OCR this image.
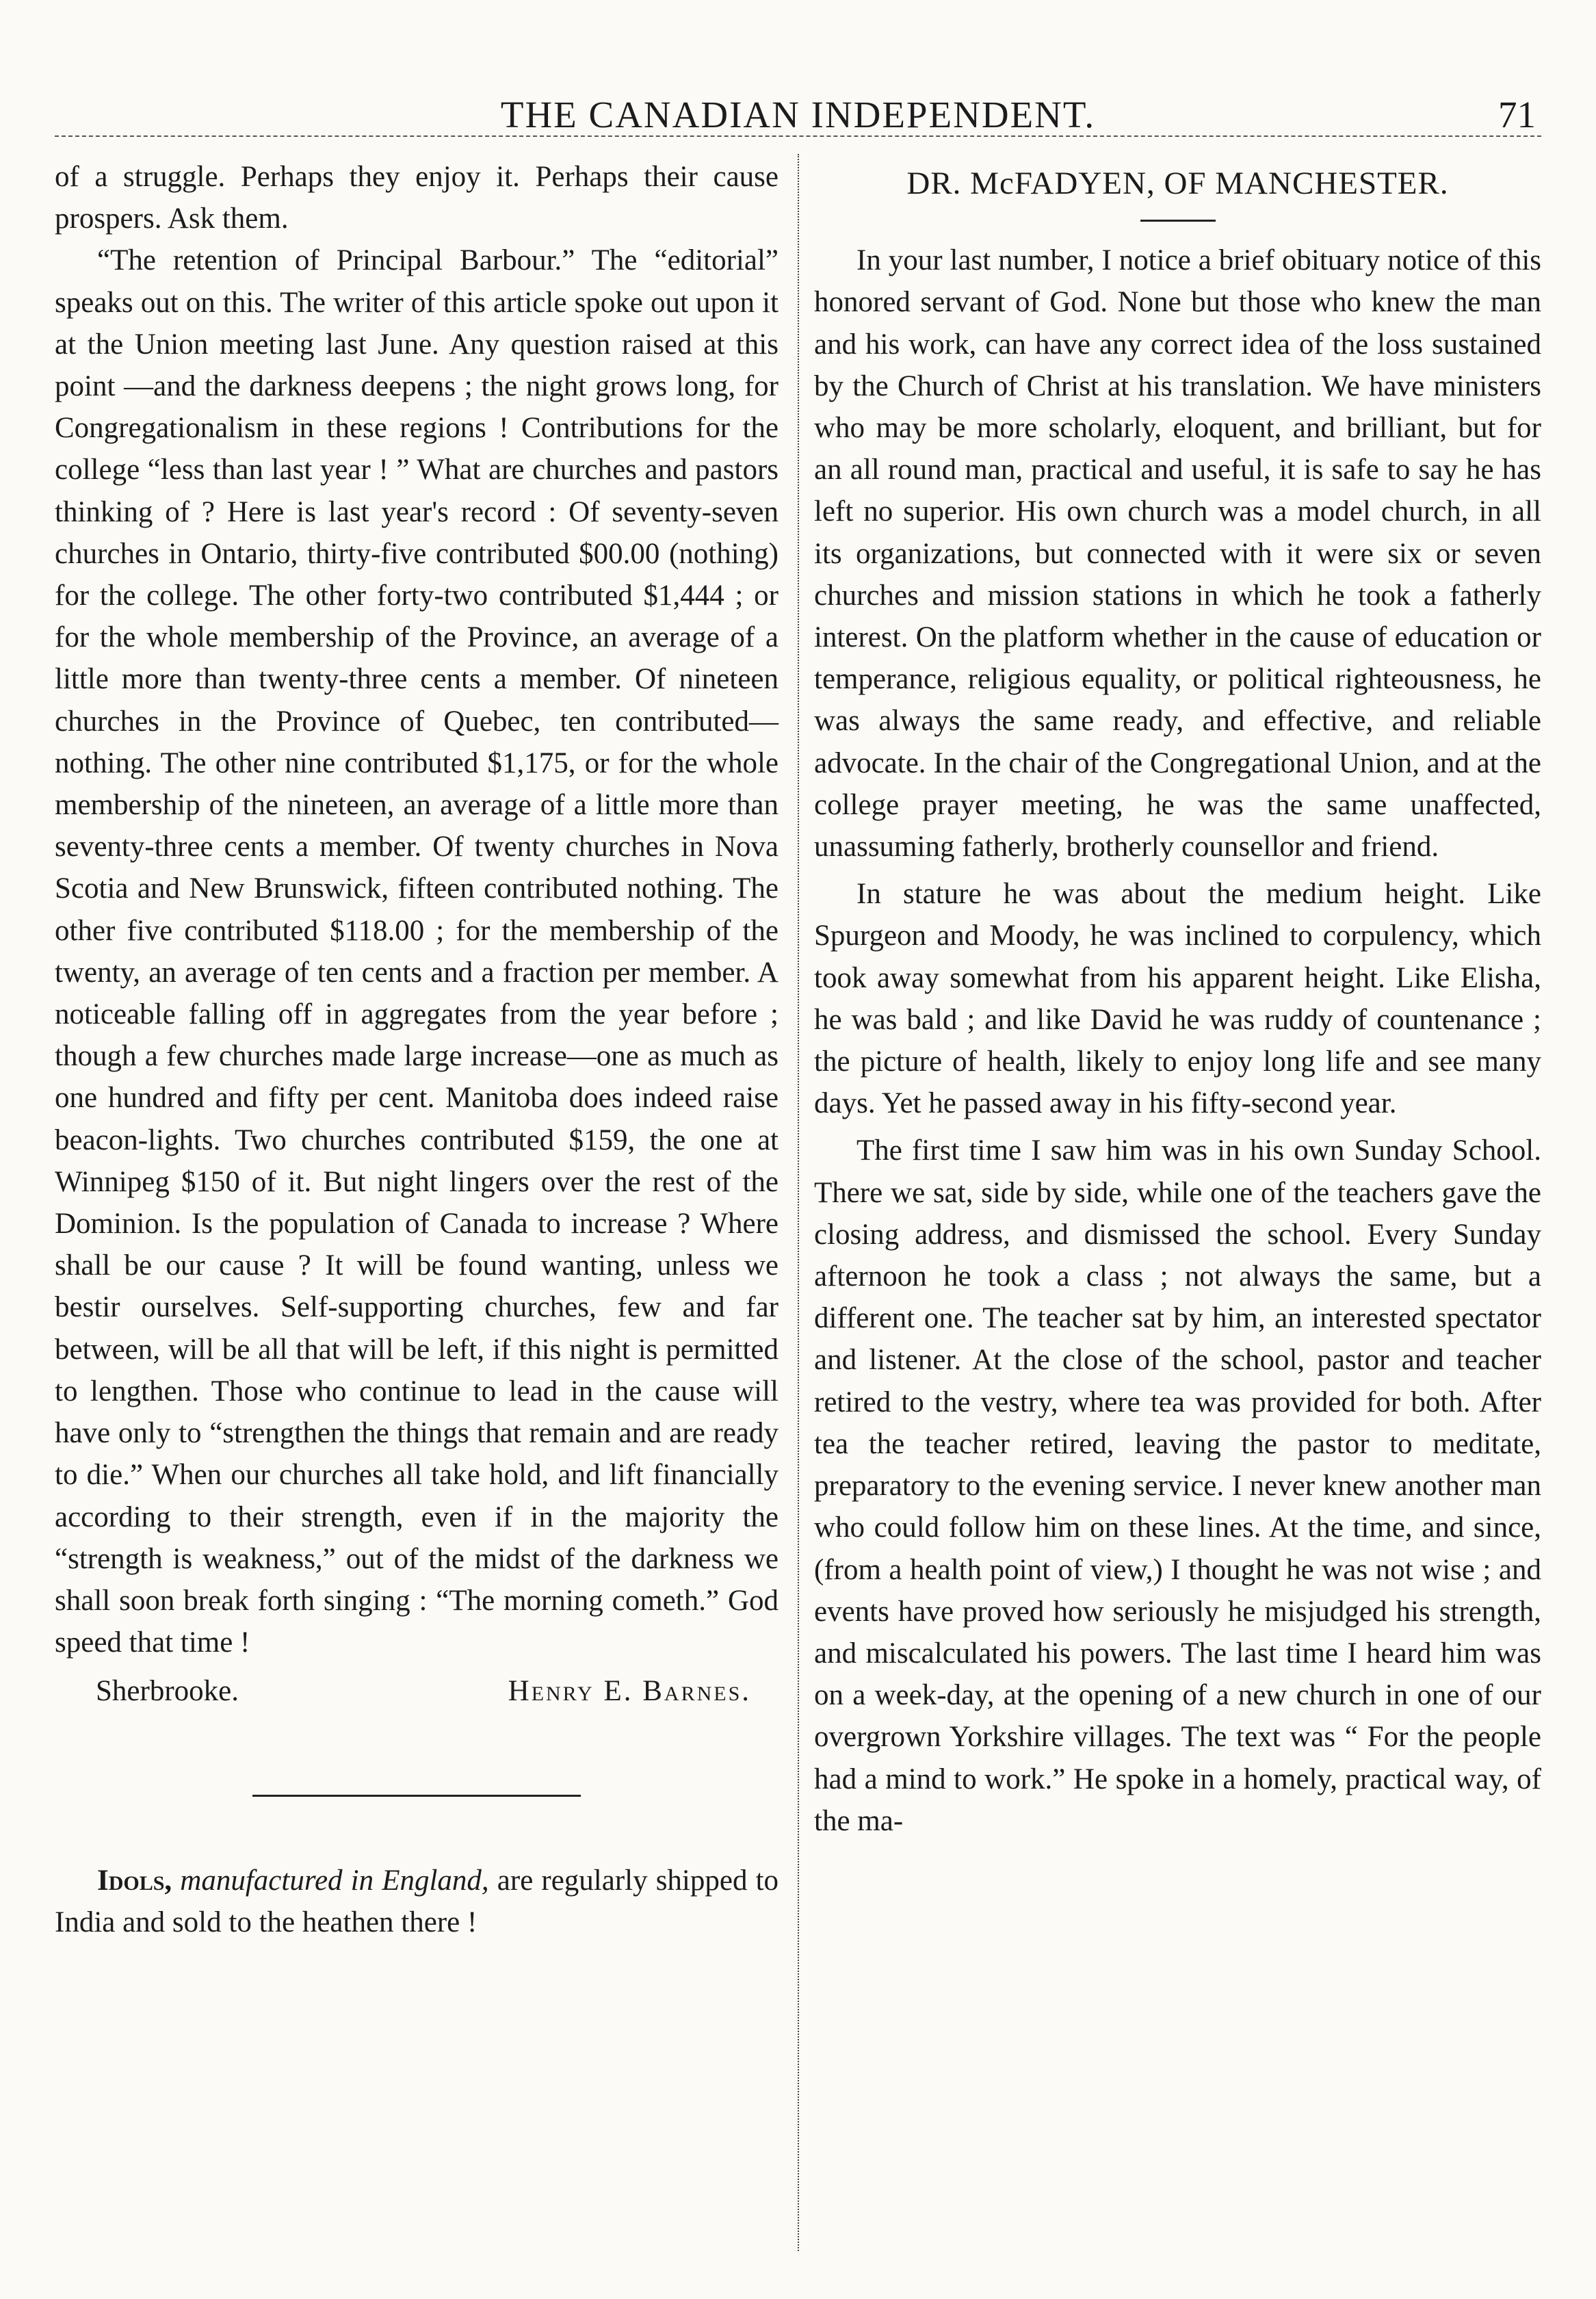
THE CANADIAN INDEPENDENT.	71

of a struggle. Perhaps they enjoy it. Perhaps their cause prospers. Ask them.

“The retention of Principal Barbour.” The “editorial” speaks out on this. The writer of this article spoke out upon it at the Union meeting last June. Any question raised at this point —and the darkness deepens ; the night grows long, for Congregationalism in these regions ! Contributions for the college “less than last year ! ” What are churches and pastors thinking of ? Here is last year's record : Of seventy-seven churches in Ontario, thirty-five contributed $00.00 (nothing) for the college. The other forty-two contributed $1,444 ; or for the whole membership of the Province, an average of a little more than twenty-three cents a member. Of nineteen churches in the Province of Quebec, ten contributed—nothing. The other nine contributed $1,175, or for the whole membership of the nineteen, an average of a little more than seventy-three cents a member. Of twenty churches in Nova Scotia and New Brunswick, fifteen contributed nothing. The other five contributed $118.00 ; for the membership of the twenty, an average of ten cents and a fraction per member. A noticeable falling off in aggregates from the year before ; though a few churches made large increase—one as much as one hundred and fifty per cent. Manitoba does indeed raise beacon-lights. Two churches contributed $159, the one at Winnipeg $150 of it. But night lingers over the rest of the Dominion. Is the population of Canada to increase ? Where shall be our cause ? It will be found wanting, unless we bestir ourselves. Self-supporting churches, few and far between, will be all that will be left, if this night is permitted to lengthen. Those who continue to lead in the cause will have only to “strengthen the things that remain and are ready to die.” When our churches all take hold, and lift financially according to their strength, even if in the majority the “strength is weakness,” out of the midst of the darkness we shall soon break forth singing : “The morning cometh.” God speed that time !

Sherbrooke.	Henry E. Barnes.

Idols, manufactured in England, are regularly shipped to India and sold to the heathen there !

DR. McFADYEN, OF MANCHESTER.

In your last number, I notice a brief obituary notice of this honored servant of God. None but those who knew the man and his work, can have any correct idea of the loss sustained by the Church of Christ at his translation. We have ministers who may be more scholarly, eloquent, and brilliant, but for an all round man, practical and useful, it is safe to say he has left no superior. His own church was a model church, in all its organizations, but connected with it were six or seven churches and mission stations in which he took a fatherly interest. On the platform whether in the cause of education or temperance, religious equality, or political righteousness, he was always the same ready, and effective, and reliable advocate. In the chair of the Congregational Union, and at the college prayer meeting, he was the same unaffected, unassuming fatherly, brotherly counsellor and friend.

In stature he was about the medium height. Like Spurgeon and Moody, he was inclined to corpulency, which took away somewhat from his apparent height. Like Elisha, he was bald ; and like David he was ruddy of countenance ; the picture of health, likely to enjoy long life and see many days. Yet he passed away in his fifty-second year.

The first time I saw him was in his own Sunday School. There we sat, side by side, while one of the teachers gave the closing address, and dismissed the school. Every Sunday afternoon he took a class ; not always the same, but a different one. The teacher sat by him, an interested spectator and listener. At the close of the school, pastor and teacher retired to the vestry, where tea was provided for both. After tea the teacher retired, leaving the pastor to meditate, preparatory to the evening service. I never knew another man who could follow him on these lines. At the time, and since, (from a health point of view,) I thought he was not wise ; and events have proved how seriously he misjudged his strength, and miscalculated his powers. The last time I heard him was on a week-day, at the opening of a new church in one of our overgrown Yorkshire villages. The text was “ For the people had a mind to work.” He spoke in a homely, practical way, of the ma-
